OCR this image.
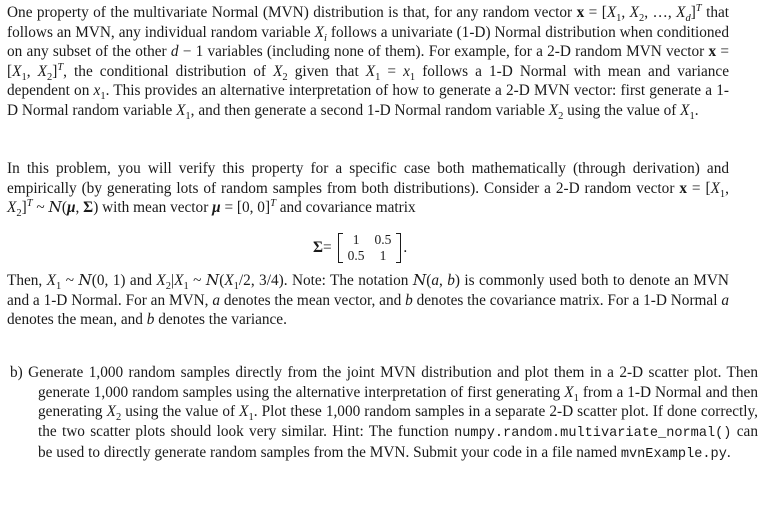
One property of the multivariate Normal (MVN) distribution is that, for any random vector $x = [X_1$, $X_2$, …, $X_d]^T$ that follows an MVN, any individual random variable $X_i$ follows a univariate (1-D) Normal distribution when conditioned on any subset of the other d − 1 variables (including none of them). For example, for a 2-D random MVN vector $x = [X_1$, $X_2]^T$, the conditional distribution of $X_2$ given that $X_1 = x_1$ follows a 1-D Normal with mean and variance dependent on $x_1$. This provides an alternative interpretation of how to generate a 2-D MVN vector: first generate a 1-D Normal random variable $X_1$, and then generate a second 1-D Normal random variable $X_2$ using the value of $X_1$.

In this problem, you will verify this property for a specific case both mathematically (through derivation) and empirically (by generating lots of random samples from both distributions). Consider a 2-D random vector $x = [X_1$, $X_2]^T$ ~ N(μ, Σ) with mean vector μ = [0, 0]$^T$ and covariance matrix

Σ = 1	0.5
0.5	1 .

Then, $X_1$ ~ N(0, 1) and $X_2|X_1$ ~ $N(X_1/2$, 3/4). Note: The notation N(a, b) is commonly used both to denote an MVN and a 1-D Normal. For an MVN, a denotes the mean vector, and b denotes the covariance matrix. For a 1-D Normal a denotes the mean, and b denotes the variance.

b) Generate 1,000 random samples directly from the joint MVN distribution and plot them in a 2-D scatter plot. Then generate 1,000 random samples using the alternative interpretation of first generating $X_1$ from a 1-D Normal and then generating $X_2$ using the value of $X_1$. Plot these 1,000 random samples in a separate 2-D scatter plot. If done correctly, the two scatter plots should look very similar. Hint: The function numpy.random.multivariate_normal() can be used to directly generate random samples from the MVN. Submit your code in a file named mvnExample.py.
